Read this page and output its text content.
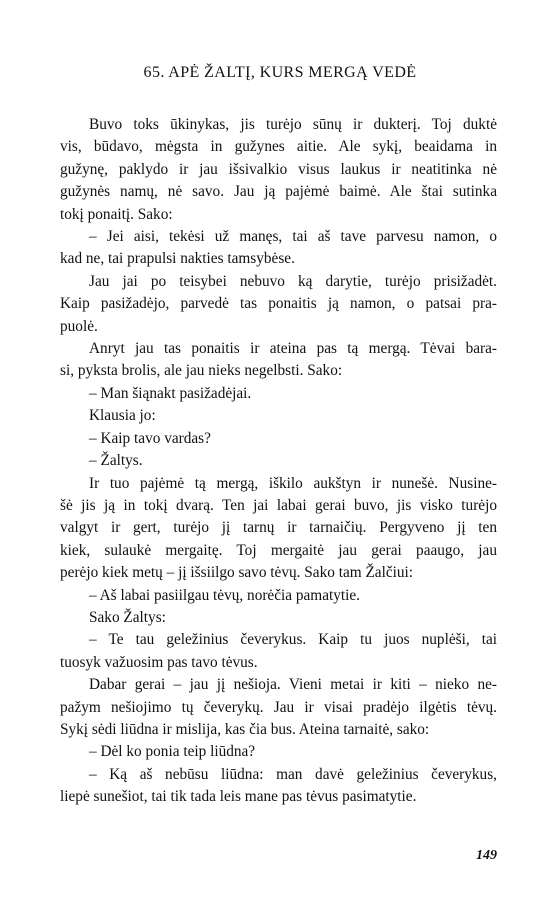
65. APĖ ŽALTĮ, KURS MERGĄ VEDĖ

Buvo toks ūkinykas, jis turėjo sūnų ir dukterį. Toj duktė
vis, būdavo, mėgsta in gužynes aitie. Ale sykį, beaidama in
gužynę, paklydo ir jau išsivalkio visus laukus ir neatitinka nė
gužynės namų, nė savo. Jau ją pajėmė baimė. Ale štai sutinka
tokį ponaitį. Sako:

– Jei aisi, tekėsi už manęs, tai aš tave parvesu namon, o
kad ne, tai prapulsi nakties tamsybėse.

Jau jai po teisybei nebuvo ką darytie, turėjo prisižadėt.
Kaip pasižadėjo, parvedė tas ponaitis ją namon, o patsai pra-
puolė.

Anryt jau tas ponaitis ir ateina pas tą mergą. Tėvai bara-
si, pyksta brolis, ale jau nieks negelbsti. Sako:

– Man šiąnakt pasižadėjai.

Klausia jo:

– Kaip tavo vardas?

– Žaltys.

Ir tuo pajėmė tą mergą, iškilo aukštyn ir nunešė. Nusine-
šė jis ją in tokį dvarą. Ten jai labai gerai buvo, jis visko turėjo
valgyt ir gert, turėjo jį tarnų ir tarnaičių. Pergyveno jį ten
kiek, sulaukė mergaitę. Toj mergaitė jau gerai paaugo, jau
perėjo kiek metų – jį išsiilgo savo tėvų. Sako tam Žalčiui:

– Aš labai pasiilgau tėvų, norėčia pamatytie.

Sako Žaltys:

– Te tau geležinius čeverykus. Kaip tu juos nuplėši, tai
tuosyk važuosim pas tavo tėvus.

Dabar gerai – jau jį nešioja. Vieni metai ir kiti – nieko ne-
pažym nešiojimo tų čeverykų. Jau ir visai pradėjo ilgėtis tėvų.
Sykį sėdi liūdna ir mislija, kas čia bus. Ateina tarnaitė, sako:

– Dėl ko ponia teip liūdna?

– Ką aš nebūsu liūdna: man davė geležinius čeverykus,
liepė sunešiot, tai tik tada leis mane pas tėvus pasimatytie.

149
